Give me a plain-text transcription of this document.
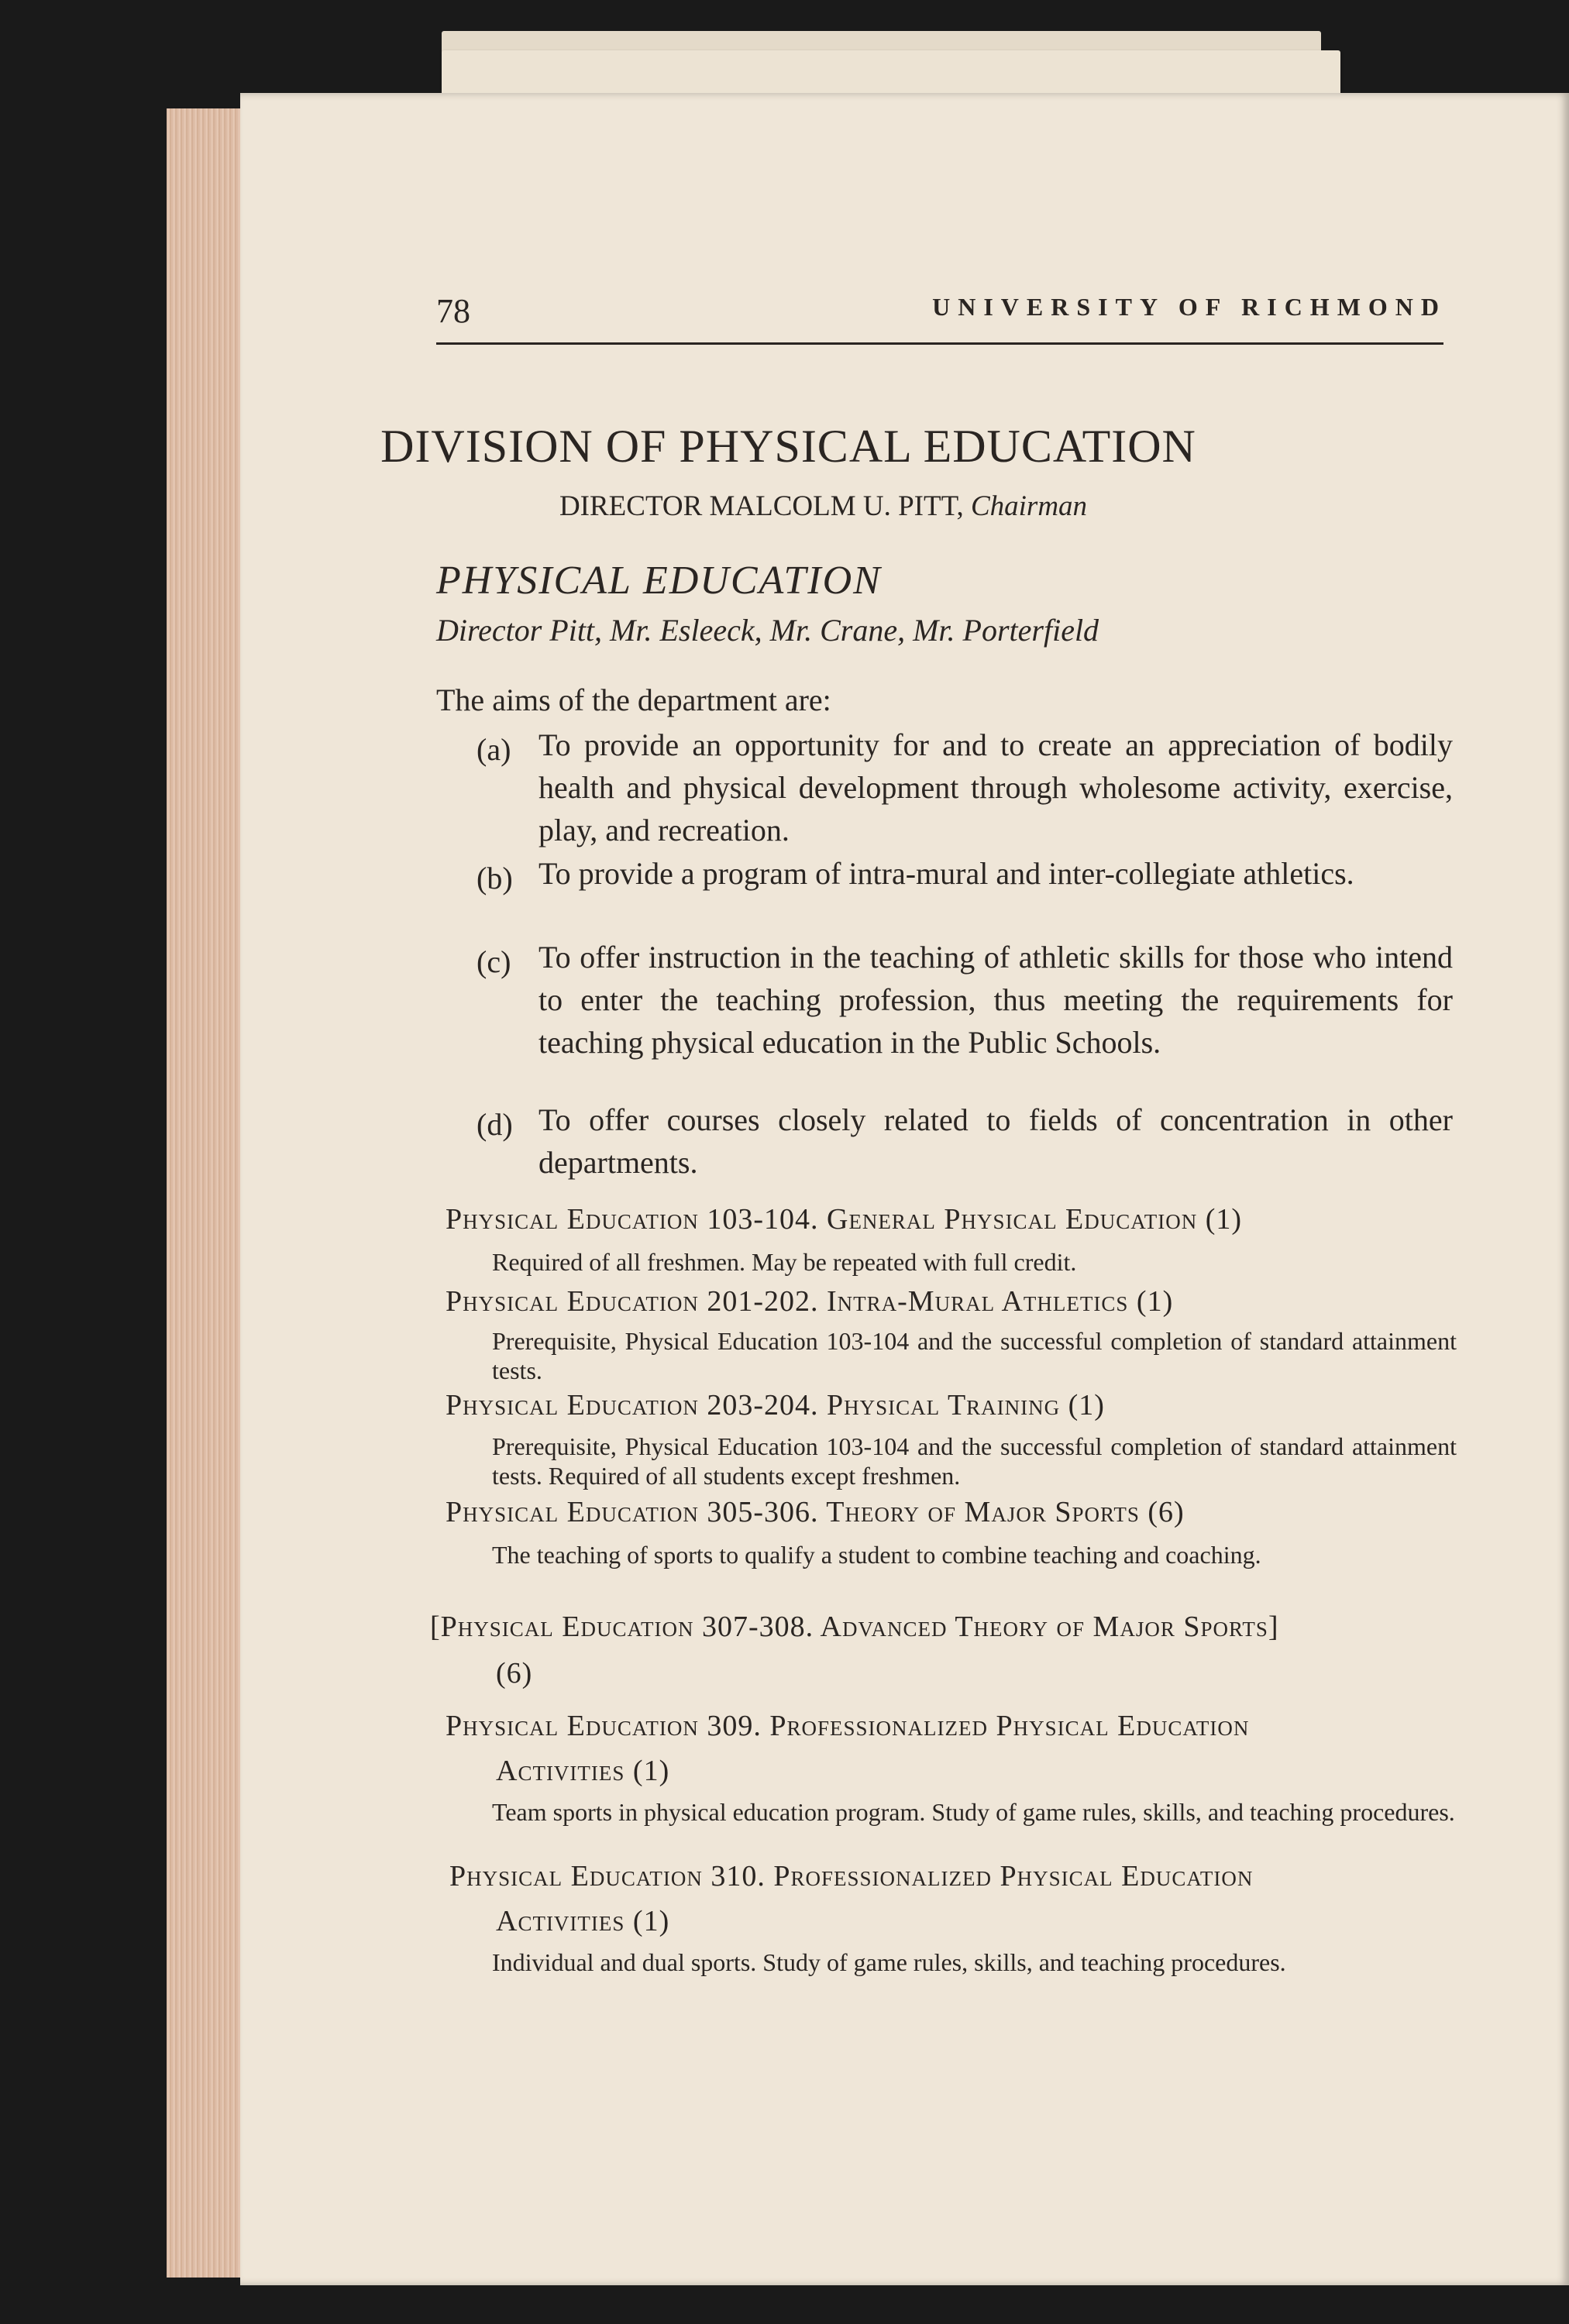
78	UNIVERSITY OF RICHMOND
DIVISION OF PHYSICAL EDUCATION
DIRECTOR MALCOLM U. PITT, Chairman
PHYSICAL EDUCATION
Director Pitt, Mr. Esleeck, Mr. Crane, Mr. Porterfield
The aims of the department are:
(a) To provide an opportunity for and to create an appreciation of bodily health and physical development through wholesome activity, exercise, play, and recreation.
(b) To provide a program of intra-mural and inter-collegiate athletics.
(c) To offer instruction in the teaching of athletic skills for those who intend to enter the teaching profession, thus meeting the requirements for teaching physical education in the Public Schools.
(d) To offer courses closely related to fields of concentration in other departments.
Physical Education 103-104. General Physical Education (1)
Required of all freshmen. May be repeated with full credit.
Physical Education 201-202. Intra-Mural Athletics (1)
Prerequisite, Physical Education 103-104 and the successful completion of standard attainment tests.
Physical Education 203-204. Physical Training (1)
Prerequisite, Physical Education 103-104 and the successful completion of standard attainment tests. Required of all students except freshmen.
Physical Education 305-306. Theory of Major Sports (6)
The teaching of sports to qualify a student to combine teaching and coaching.
[Physical Education 307-308. Advanced Theory of Major Sports]
(6)
Physical Education 309. Professionalized Physical Education
Activities (1)
Team sports in physical education program. Study of game rules, skills, and teaching procedures.
Physical Education 310. Professionalized Physical Education
Activities (1)
Individual and dual sports. Study of game rules, skills, and teaching procedures.
